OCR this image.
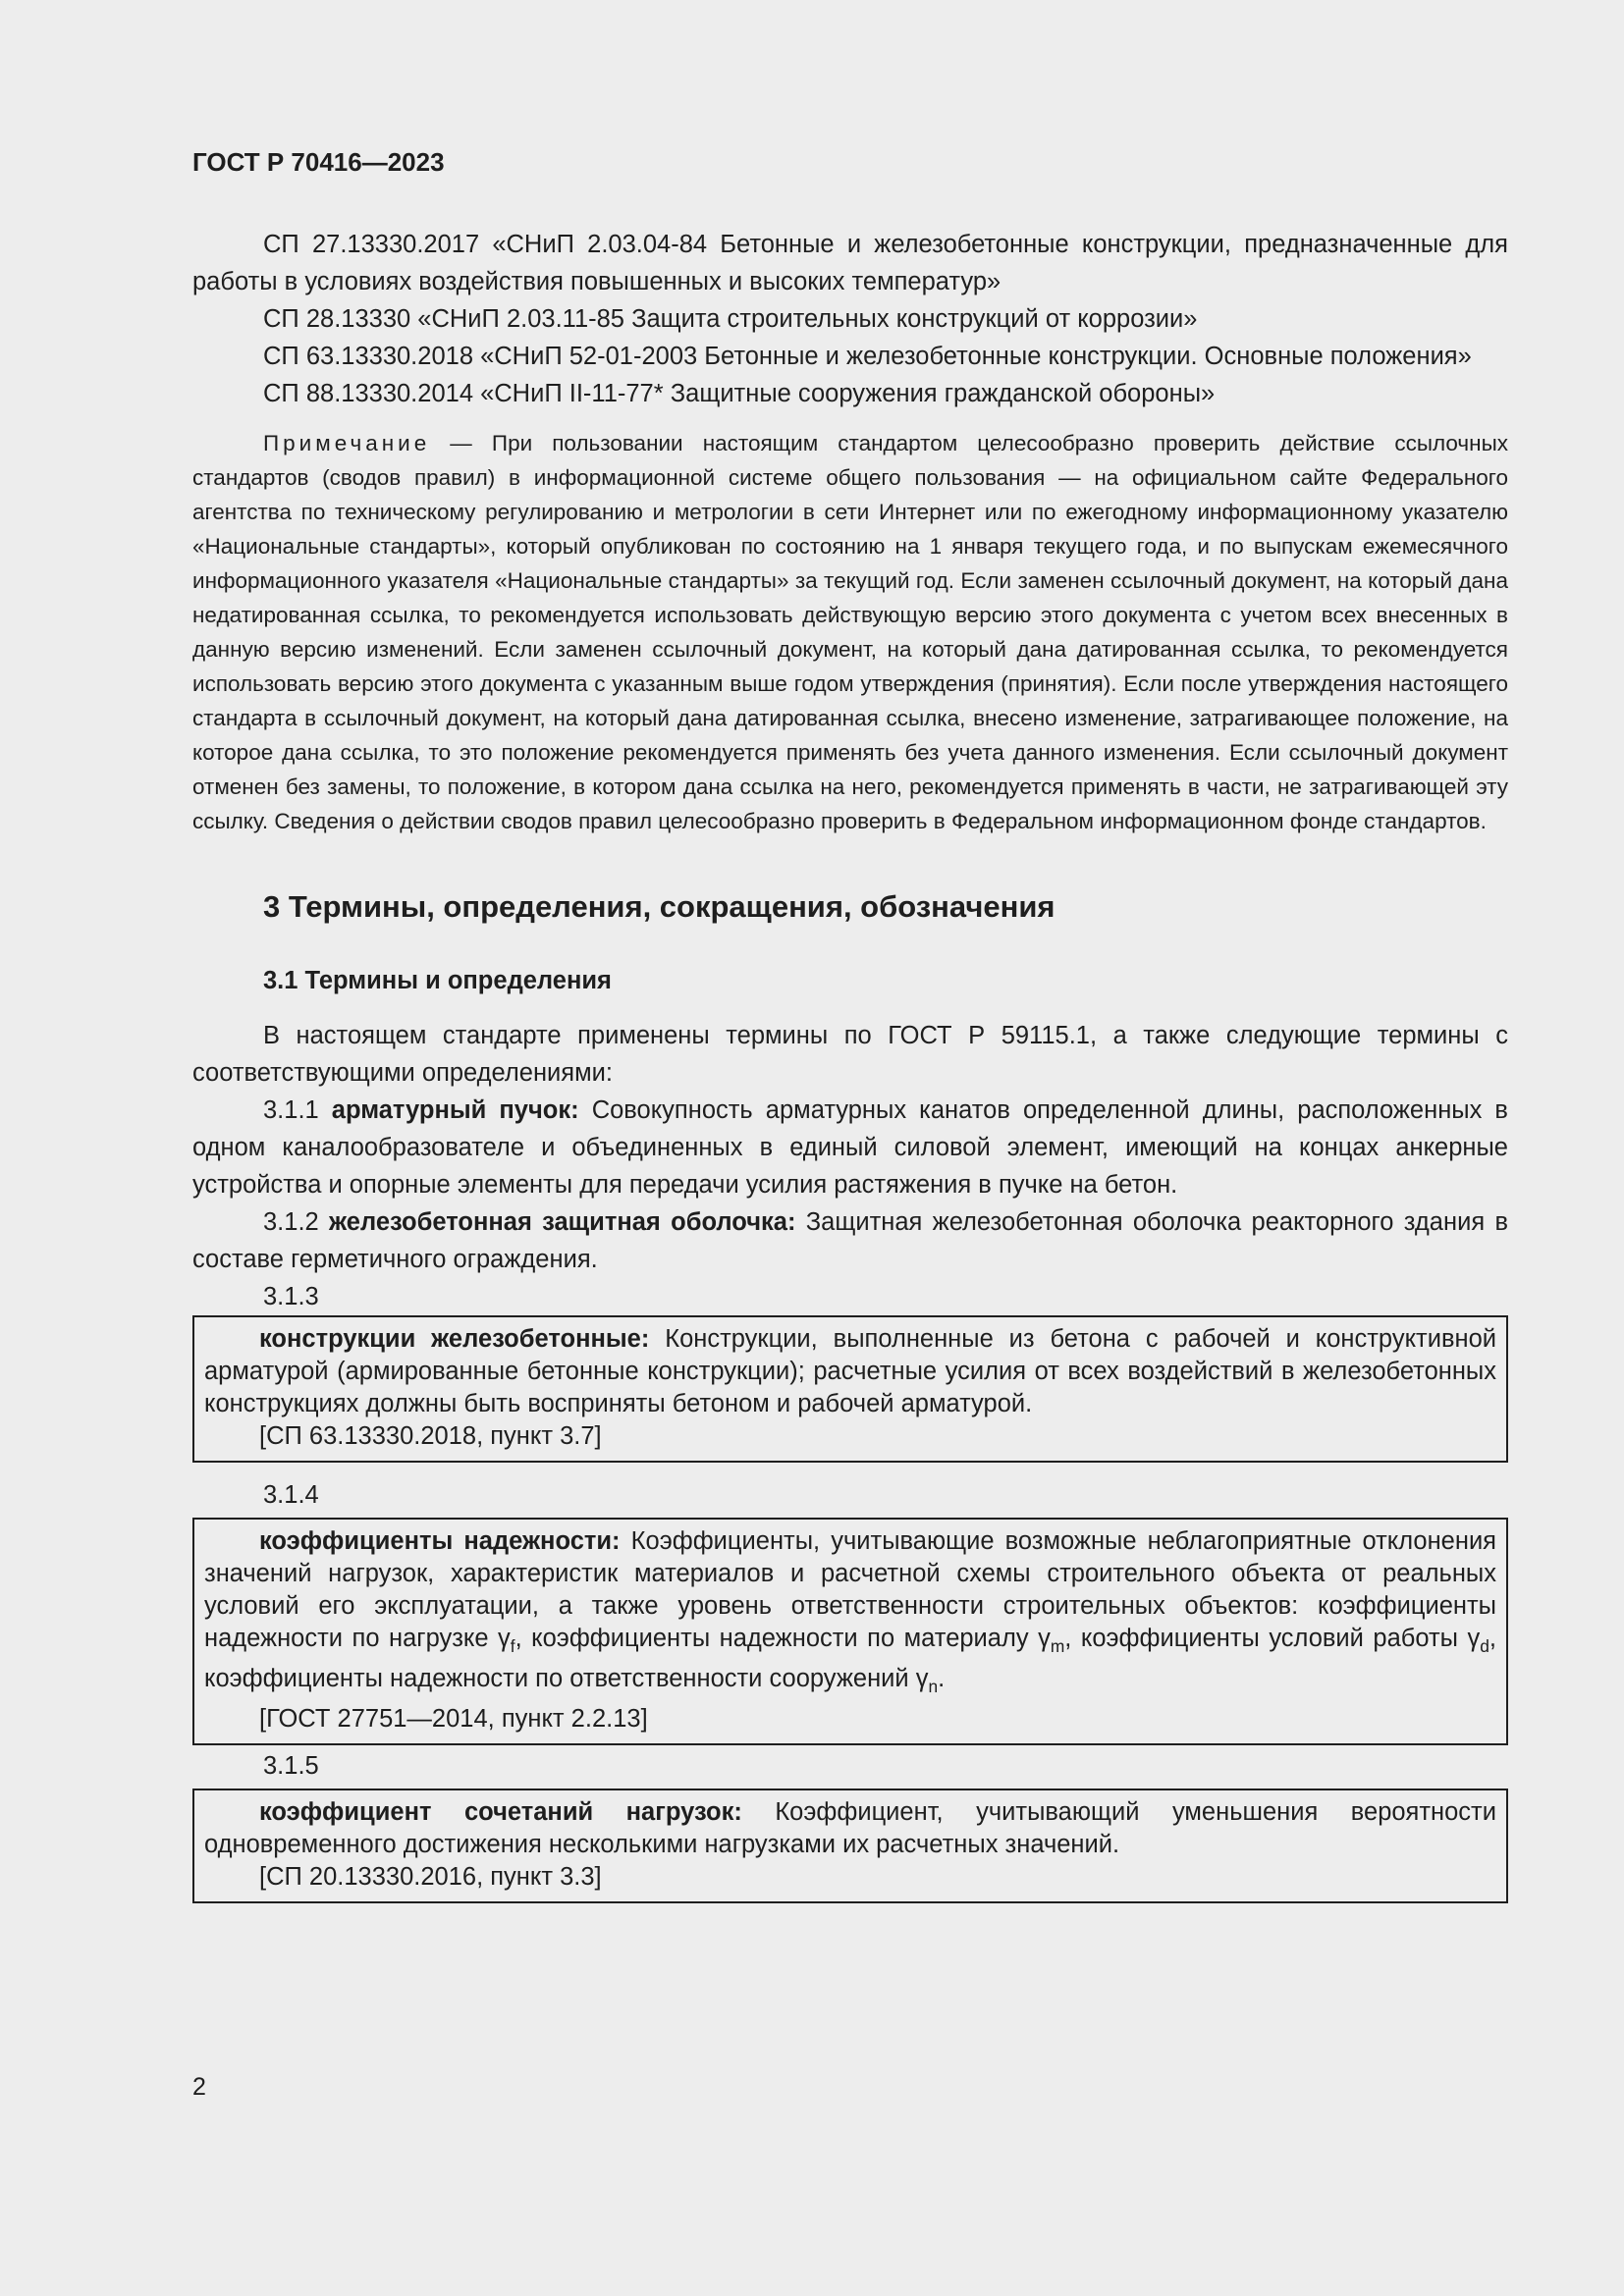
ГОСТ Р 70416—2023

СП 27.13330.2017 «СНиП 2.03.04-84 Бетонные и железобетонные конструкции, предназначенные для работы в условиях воздействия повышенных и высоких температур»

СП 28.13330 «СНиП 2.03.11-85 Защита строительных конструкций от коррозии»

СП 63.13330.2018 «СНиП 52-01-2003 Бетонные и железобетонные конструкции. Основные положения»

СП 88.13330.2014 «СНиП II-11-77* Защитные сооружения гражданской обороны»

Примечание — При пользовании настоящим стандартом целесообразно проверить действие ссылочных стандартов (сводов правил) в информационной системе общего пользования — на официальном сайте Федерального агентства по техническому регулированию и метрологии в сети Интернет или по ежегодному информационному указателю «Национальные стандарты», который опубликован по состоянию на 1 января текущего года, и по выпускам ежемесячного информационного указателя «Национальные стандарты» за текущий год. Если заменен ссылочный документ, на который дана недатированная ссылка, то рекомендуется использовать действующую версию этого документа с учетом всех внесенных в данную версию изменений. Если заменен ссылочный документ, на который дана датированная ссылка, то рекомендуется использовать версию этого документа с указанным выше годом утверждения (принятия). Если после утверждения настоящего стандарта в ссылочный документ, на который дана датированная ссылка, внесено изменение, затрагивающее положение, на которое дана ссылка, то это положение рекомендуется применять без учета данного изменения. Если ссылочный документ отменен без замены, то положение, в котором дана ссылка на него, рекомендуется применять в части, не затрагивающей эту ссылку. Сведения о действии сводов правил целесообразно проверить в Федеральном информационном фонде стандартов.

3 Термины, определения, сокращения, обозначения
3.1 Термины и определения

В настоящем стандарте применены термины по ГОСТ Р 59115.1, а также следующие термины с соответствующими определениями:

3.1.1 арматурный пучок: Совокупность арматурных канатов определенной длины, расположенных в одном каналообразователе и объединенных в единый силовой элемент, имеющий на концах анкерные устройства и опорные элементы для передачи усилия растяжения в пучке на бетон.

3.1.2 железобетонная защитная оболочка: Защитная железобетонная оболочка реакторного здания в составе герметичного ограждения.

3.1.3

конструкции железобетонные: Конструкции, выполненные из бетона с рабочей и конструктивной арматурой (армированные бетонные конструкции); расчетные усилия от всех воздействий в железобетонных конструкциях должны быть восприняты бетоном и рабочей арматурой.

[СП 63.13330.2018, пункт 3.7]

3.1.4

коэффициенты надежности: Коэффициенты, учитывающие возможные неблагоприятные отклонения значений нагрузок, характеристик материалов и расчетной схемы строительного объекта от реальных условий его эксплуатации, а также уровень ответственности строительных объектов: коэффициенты надежности по нагрузке $\gamma_f$, коэффициенты надежности по материалу $\gamma_m$, коэффициенты условий работы $\gamma_d$, коэффициенты надежности по ответственности сооружений $\gamma_n$.

[ГОСТ 27751—2014, пункт 2.2.13]

3.1.5

коэффициент сочетаний нагрузок: Коэффициент, учитывающий уменьшения вероятности одновременного достижения несколькими нагрузками их расчетных значений.

[СП 20.13330.2016, пункт 3.3]

2
